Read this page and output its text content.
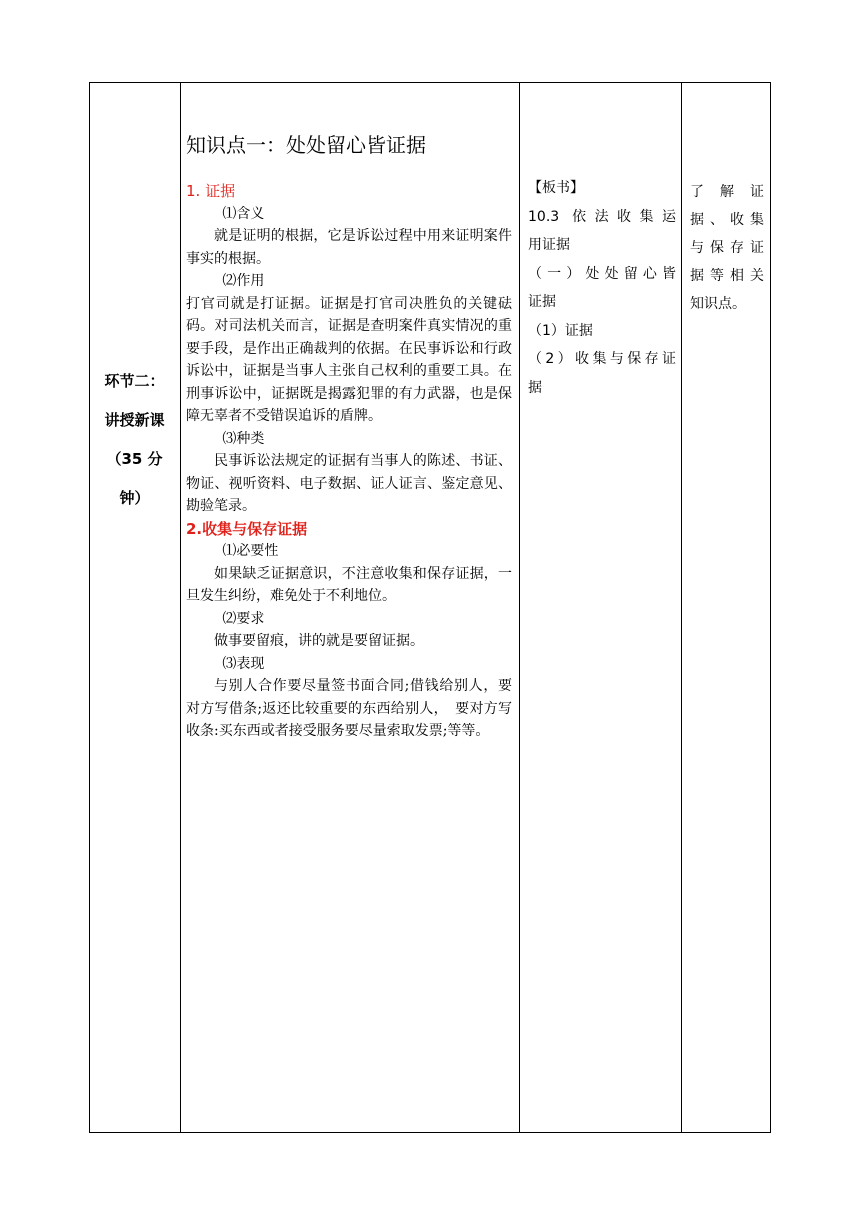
环节二：
讲授新课
（35 分
钟）
知识点一：处处留心皆证据
1. 证据
⑴含义
就是证明的根据，它是诉讼过程中用来证明案件事实的根据。
⑵作用
打官司就是打证据。证据是打官司决胜负的关键砝码。对司法机关而言，证据是查明案件真实情况的重要手段，是作出正确裁判的依据。在民事诉讼和行政诉讼中，证据是当事人主张自己权利的重要工具。在刑事诉讼中，证据既是揭露犯罪的有力武器，也是保障无辜者不受错误追诉的盾牌。
⑶种类
民事诉讼法规定的证据有当事人的陈述、书证、物证、视听资料、电子数据、证人证言、鉴定意见、勘验笔录。
2.收集与保存证据
⑴必要性
如果缺乏证据意识，不注意收集和保存证据，一旦发生纠纷，难免处于不利地位。
⑵要求
做事要留痕，讲的就是要留证据。
⑶表现
与别人合作要尽量签书面合同;借钱给别人，要对方写借条;返还比较重要的东西给别人，　要对方写收条:买东西或者接受服务要尽量索取发票;等等。
【板书】
10.3 依法收集运
用证据
（一）处处留心皆
证据
（1）证据
（2）收集与保存证
据
了 解 证
据、收集
与保存证
据等相关
知识点。
